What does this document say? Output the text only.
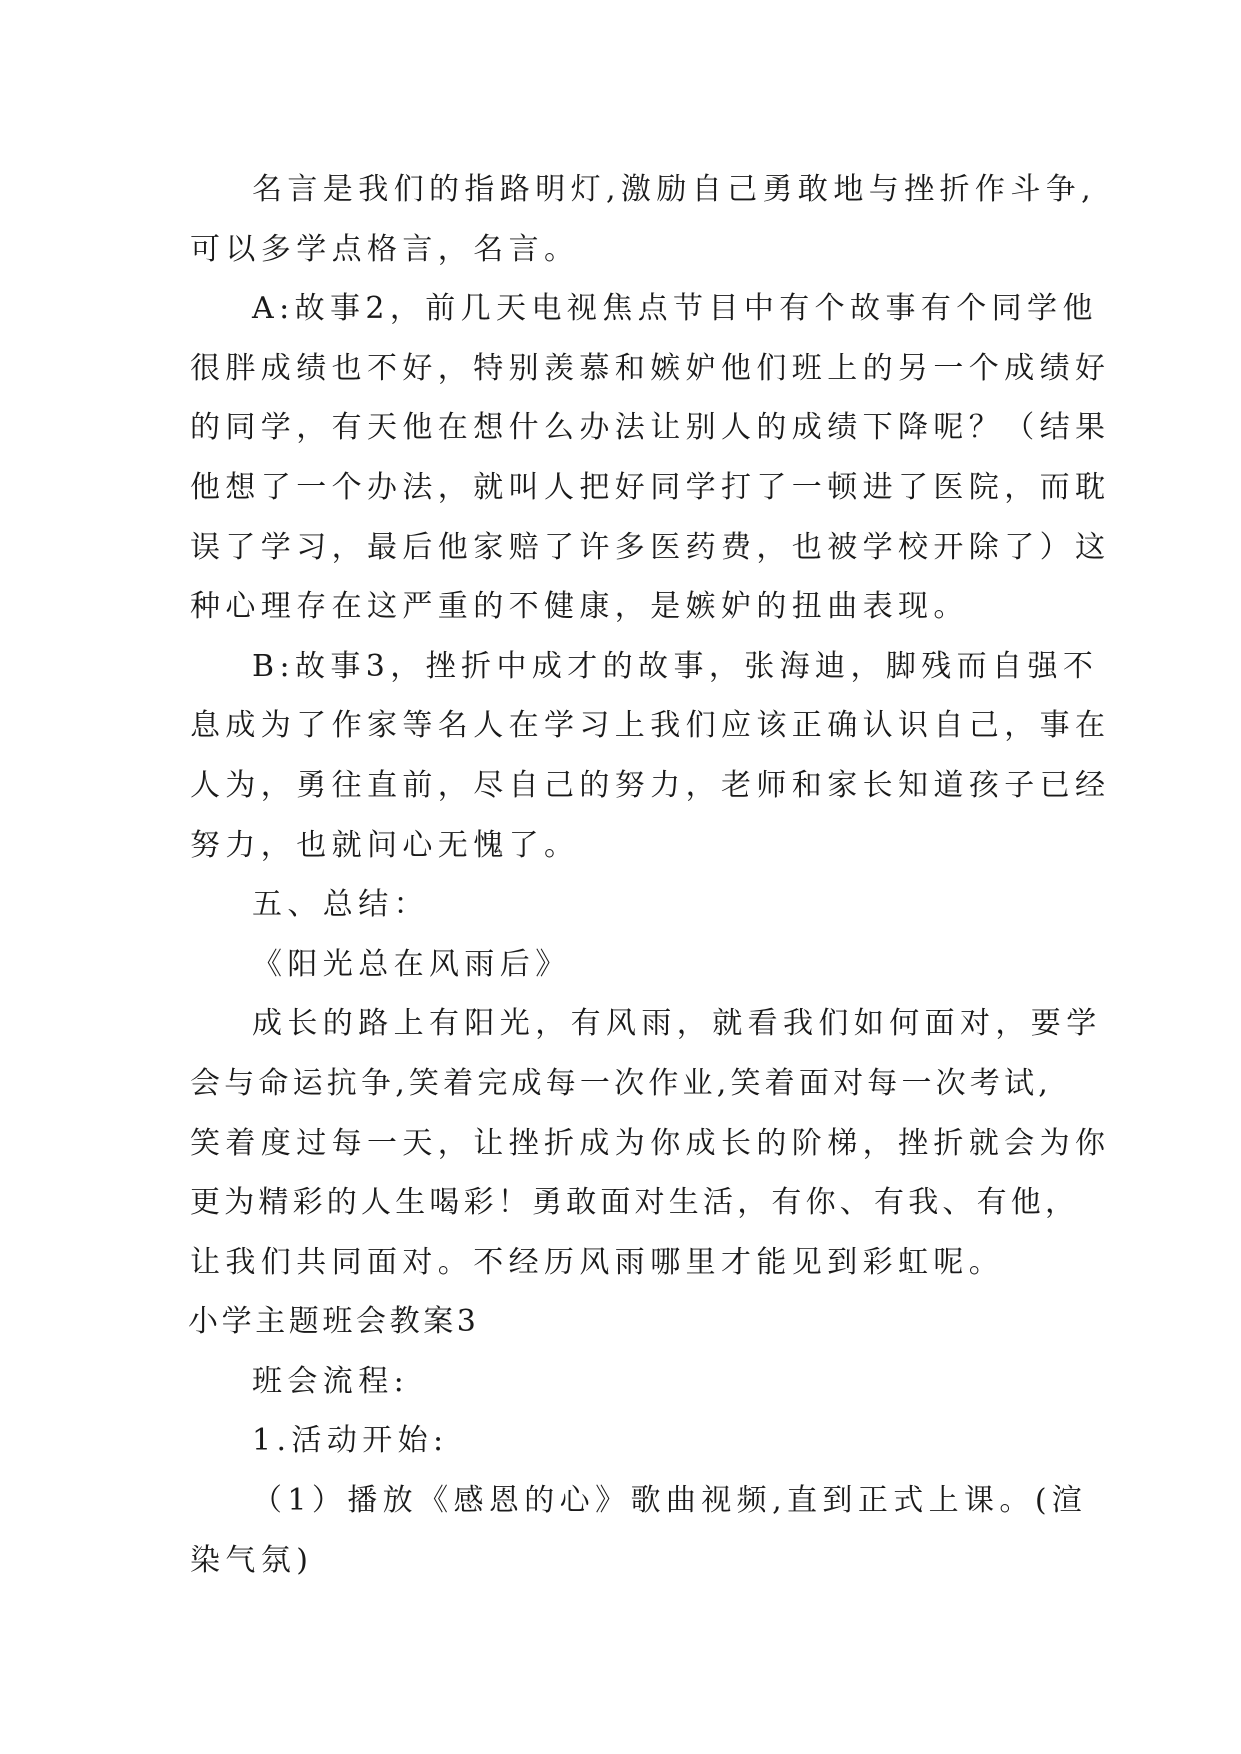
名言是我们的指路明灯,激励自己勇敢地与挫折作斗争,
可以多学点格言，名言。
A:故事2，前几天电视焦点节目中有个故事有个同学他
很胖成绩也不好，特别羡慕和嫉妒他们班上的另一个成绩好
的同学，有天他在想什么办法让别人的成绩下降呢？（结果
他想了一个办法，就叫人把好同学打了一顿进了医院，而耽
误了学习，最后他家赔了许多医药费，也被学校开除了）这
种心理存在这严重的不健康，是嫉妒的扭曲表现。
B:故事3，挫折中成才的故事，张海迪，脚残而自强不
息成为了作家等名人在学习上我们应该正确认识自己，事在
人为，勇往直前，尽自己的努力，老师和家长知道孩子已经
努力，也就问心无愧了。
五、总结：
《阳光总在风雨后》
成长的路上有阳光，有风雨，就看我们如何面对，要学
会与命运抗争,笑着完成每一次作业,笑着面对每一次考试,
笑着度过每一天，让挫折成为你成长的阶梯，挫折就会为你
更为精彩的人生喝彩！勇敢面对生活，有你、有我、有他，
让我们共同面对。不经历风雨哪里才能见到彩虹呢。
小学主题班会教案3
班会流程:
1.活动开始:
（1）播放《感恩的心》歌曲视频,直到正式上课。(渲
染气氛)
